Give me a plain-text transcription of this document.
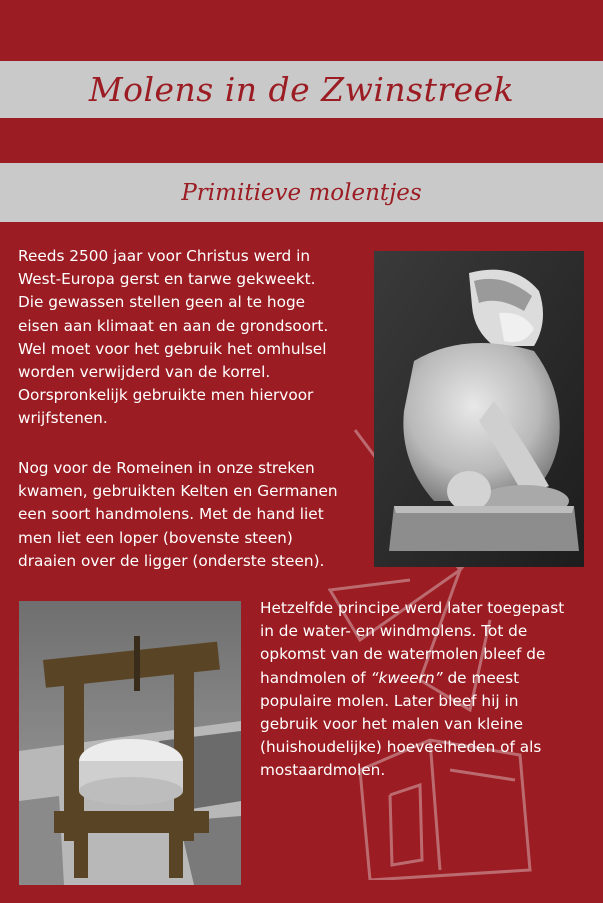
Molens in de Zwinstreek
Primitieve molentjes

Reeds 2500 jaar voor Christus werd in
West-Europa gerst en tarwe gekweekt.
Die gewassen stellen geen al te hoge
eisen aan klimaat en aan de grondsoort.
Wel moet voor het gebruik het omhulsel
worden verwijderd van de korrel.
Oorspronkelijk gebruikte men hiervoor
wrijfstenen.

Nog voor de Romeinen in onze streken
kwamen, gebruikten Kelten en Germanen
een soort handmolens. Met de hand liet
men liet een loper (bovenste steen)
draaien over de ligger (onderste steen).

Hetzelfde principe werd later toegepast
in de water- en windmolens. Tot de
opkomst van de watermolen bleef de
handmolen of “kweern” de meest
populaire molen. Later bleef hij in
gebruik voor het malen van kleine
(huishoudelijke) hoeveelheden of als
mostaardmolen.
